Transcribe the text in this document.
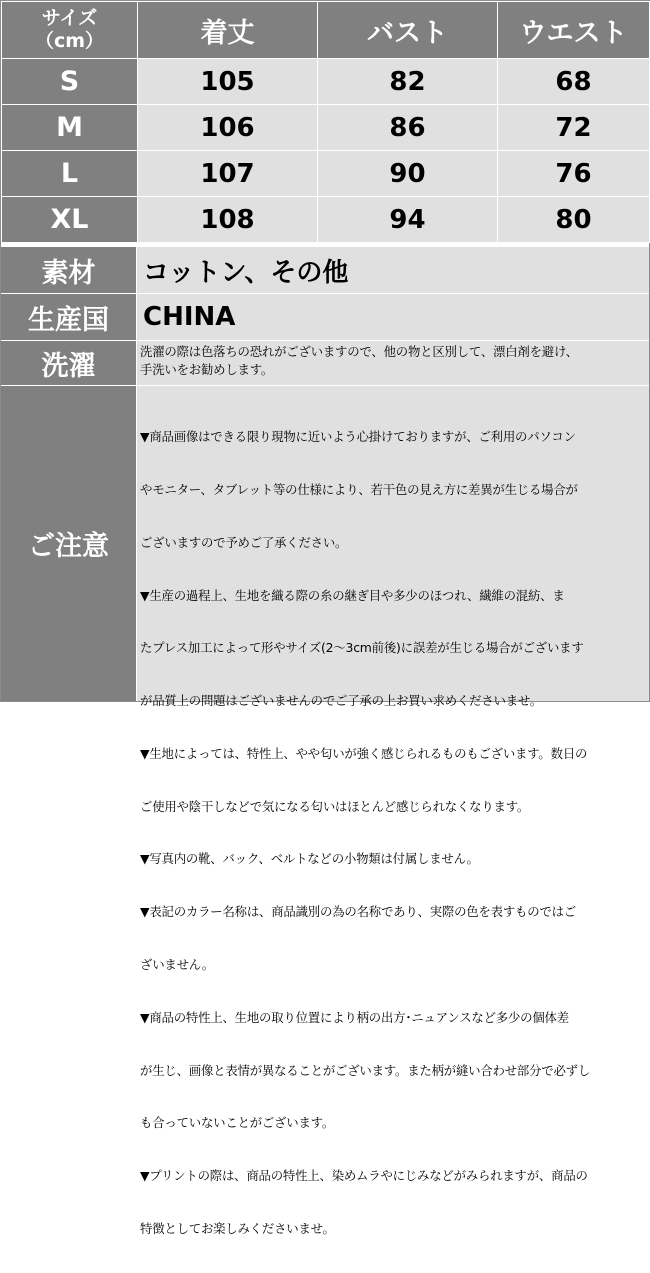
サイズ
（cm）	着丈	バスト	ウエスト
S	105	82	68
M	106	86	72
L	107	90	76
XL	108	94	80
素材	コットン、その他
生産国	CHINA
洗濯	洗濯の際は色落ちの恐れがございますので、他の物と区別して、漂白剤を避け、
手洗いをお勧めします。
ご注意

▼商品画像はできる限り現物に近いよう心掛けておりますが、ご利用のパソコン

やモニター、タブレット等の仕様により、若干色の見え方に差異が生じる場合が

ございますので予めご了承ください。

▼生産の過程上、生地を織る際の糸の継ぎ目や多少のほつれ、繊維の混紡、ま

たプレス加工によって形やサイズ(2～3cm前後)に誤差が生じる場合がございます

が品質上の問題はございませんのでご了承の上お買い求めくださいませ。

▼生地によっては、特性上、やや匂いが強く感じられるものもございます。数日の

ご使用や陰干しなどで気になる匂いはほとんど感じられなくなります。

▼写真内の靴、バック、ベルトなどの小物類は付属しません。

▼表記のカラー名称は、商品識別の為の名称であり、実際の色を表すものではご

ざいません。

▼商品の特性上、生地の取り位置により柄の出方･ニュアンスなど多少の個体差

が生じ、画像と表情が異なることがございます。また柄が縫い合わせ部分で必ずし

も合っていないことがございます。

▼プリントの際は、商品の特性上、染めムラやにじみなどがみられますが、商品の

特徴としてお楽しみくださいませ。
